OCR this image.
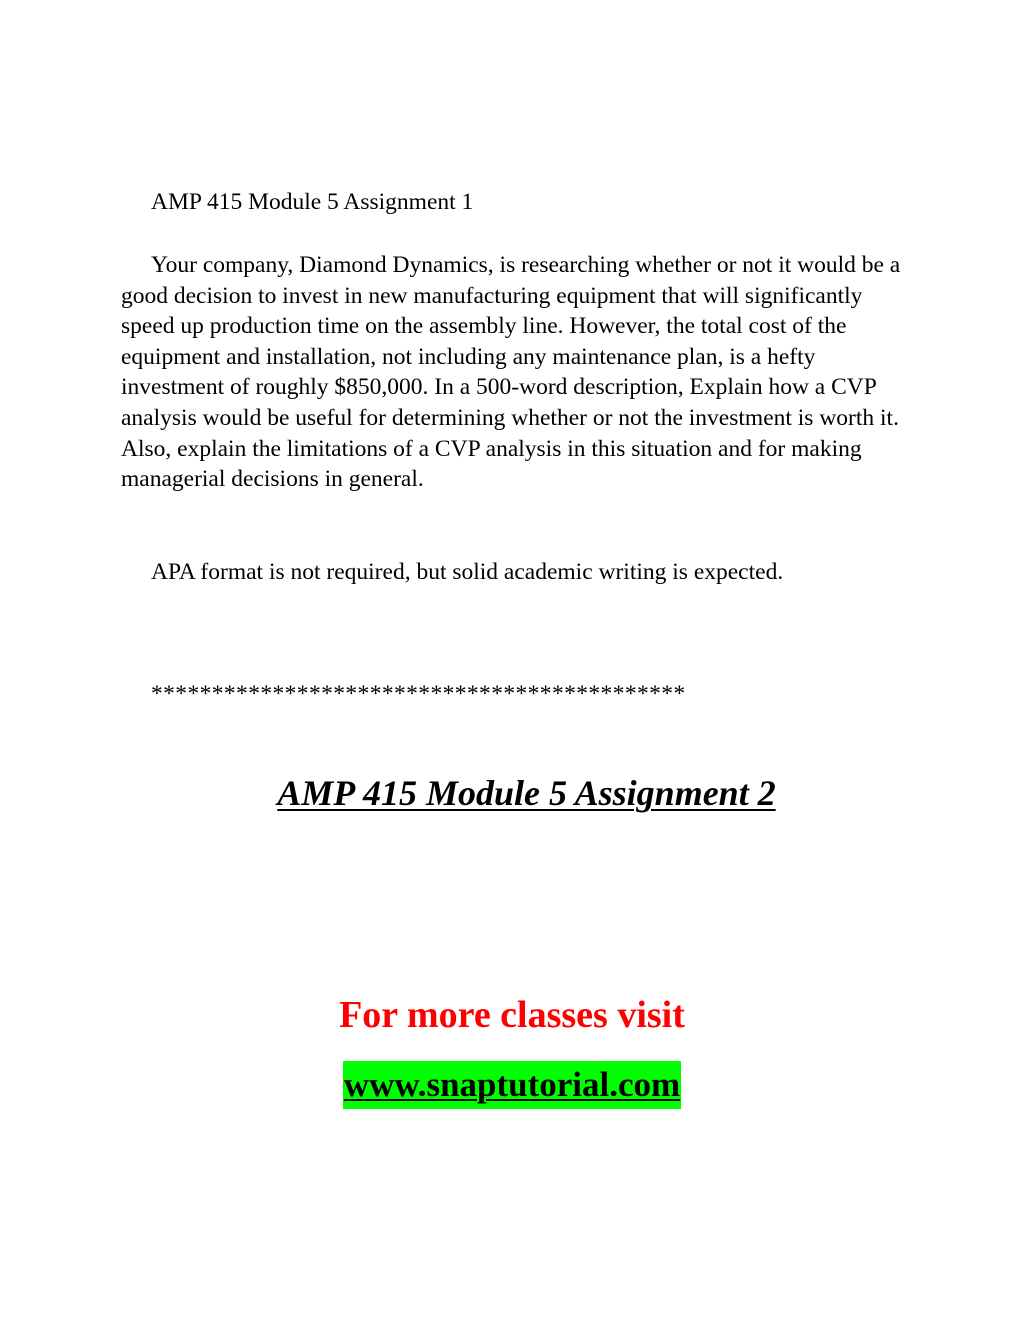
AMP 415 Module 5 Assignment 1

Your company, Diamond Dynamics, is researching whether or not it would be a good decision to invest in new manufacturing equipment that will significantly speed up production time on the assembly line. However, the total cost of the equipment and installation, not including any maintenance plan, is a hefty investment of roughly $850,000. In a 500-word description, Explain how a CVP analysis would be useful for determining whether or not the investment is worth it. Also, explain the limitations of a CVP analysis in this situation and for making managerial decisions in general.

APA format is not required, but solid academic writing is expected.

********************************************

AMP 415 Module 5 Assignment 2

For more classes visit

www.snaptutorial.com
